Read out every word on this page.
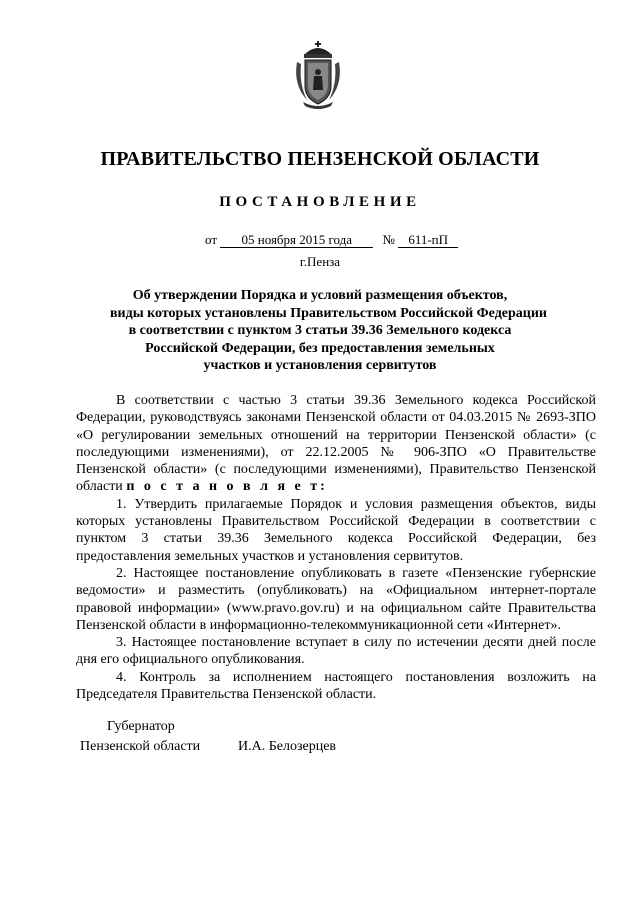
ПРАВИТЕЛЬСТВО ПЕНЗЕНСКОЙ ОБЛАСТИ
ПОСТАНОВЛЕНИЕ
от 05 ноября 2015 года № 611-пП
г.Пенза
Об утверждении Порядка и условий размещения объектов,
виды которых установлены Правительством Российской Федерации
в соответствии с пунктом 3 статьи 39.36 Земельного кодекса
Российской Федерации, без предоставления земельных
участков и установления сервитутов

В соответствии с частью 3 статьи 39.36 Земельного кодекса Российской Федерации, руководствуясь законами Пензенской области от 04.03.2015 № 2693-ЗПО «О регулировании земельных отношений на территории Пензенской области» (с последующими изменениями), от 22.12.2005 № 906-ЗПО «О Правительстве Пензенской области» (с последующими изменениями), Правительство Пензенской области п о с т а н о в л я е т:

1. Утвердить прилагаемые Порядок и условия размещения объектов, виды которых установлены Правительством Российской Федерации в соответствии с пунктом 3 статьи 39.36 Земельного кодекса Российской Федерации, без предоставления земельных участков и установления сервитутов.

2. Настоящее постановление опубликовать в газете «Пензенские губернские ведомости» и разместить (опубликовать) на «Официальном интернет-портале правовой информации» (www.pravo.gov.ru) и на официальном сайте Правительства Пензенской области в информационно-телекоммуникационной сети «Интернет».

3. Настоящее постановление вступает в силу по истечении десяти дней после дня его официального опубликования.

4. Контроль за исполнением настоящего постановления возложить на Председателя Правительства Пензенской области.

Губернатор
Пензенской области	И.А. Белозерцев
